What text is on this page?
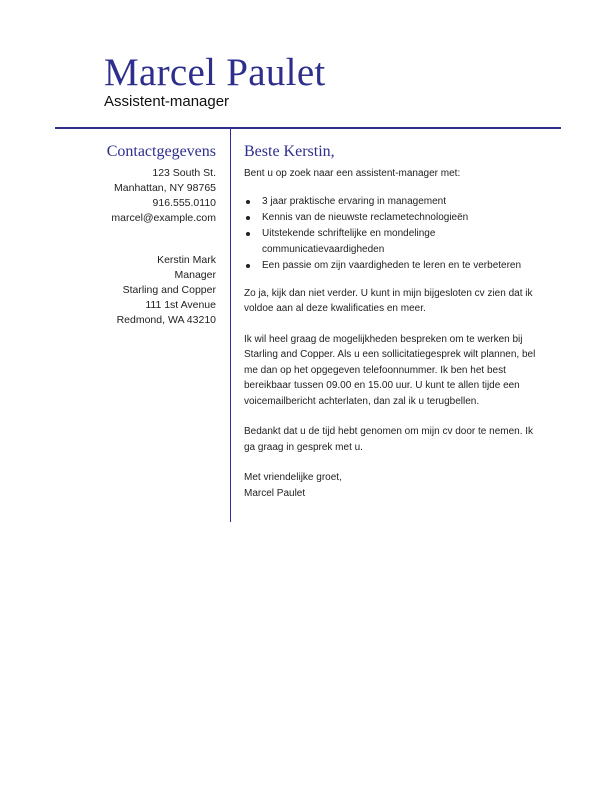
Marcel Paulet
Assistent-manager
Contactgegevens
123 South St.
Manhattan, NY 98765
916.555.0110
marcel@example.com
Kerstin Mark
Manager
Starling and Copper
111 1st Avenue
Redmond, WA 43210
Beste Kerstin,

Bent u op zoek naar een assistent-manager met:

3 jaar praktische ervaring in management
Kennis van de nieuwste reclametechnologieën
Uitstekende schriftelijke en mondelinge communicatievaardigheden
Een passie om zijn vaardigheden te leren en te verbeteren

Zo ja, kijk dan niet verder. U kunt in mijn bijgesloten cv zien dat ik voldoe aan al deze kwalificaties en meer.

Ik wil heel graag de mogelijkheden bespreken om te werken bij Starling and Copper. Als u een sollicitatiegesprek wilt plannen, bel me dan op het opgegeven telefoonnummer. Ik ben het best bereikbaar tussen 09.00 en 15.00 uur. U kunt te allen tijde een voicemailbericht achterlaten, dan zal ik u terugbellen.

Bedankt dat u de tijd hebt genomen om mijn cv door te nemen. Ik ga graag in gesprek met u.

Met vriendelijke groet,

Marcel Paulet
